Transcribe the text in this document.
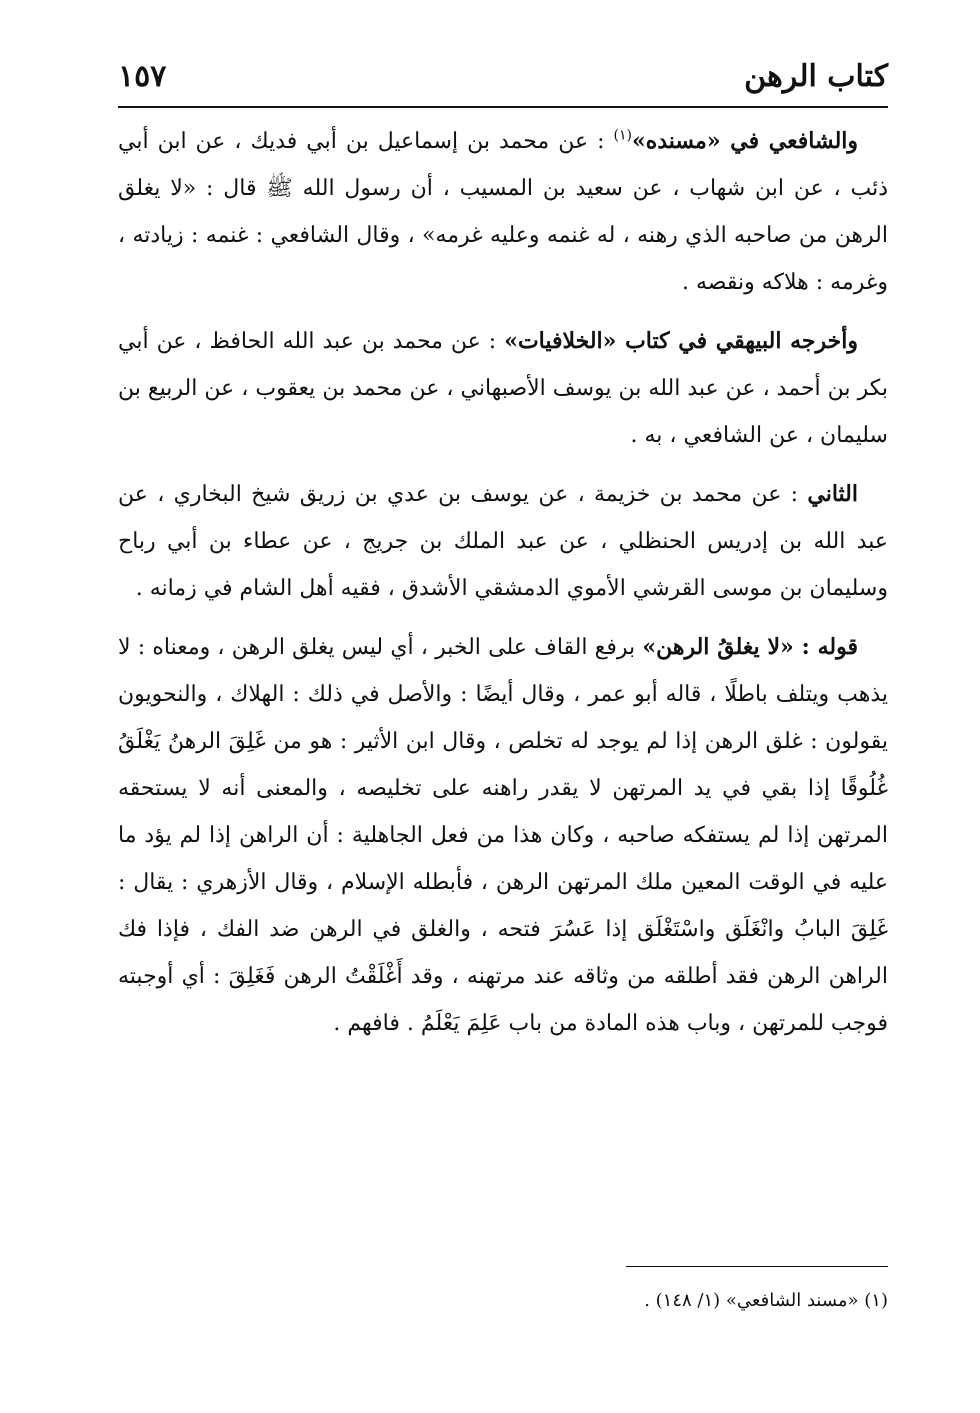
كتاب الرهن
١٥٧

والشافعي في «مسنده»$^{(١)}$ : عن محمد بن إسماعيل بن أبي فديك ، عن ابن أبي ذئب ، عن ابن شهاب ، عن سعيد بن المسيب ، أن رسول الله ﷺ قال : «لا يغلق الرهن من صاحبه الذي رهنه ، له غنمه وعليه غرمه» ، وقال الشافعي : غنمه : زيادته ، وغرمه : هلاكه ونقصه .

وأخرجه البيهقي في كتاب «الخلافيات» : عن محمد بن عبد الله الحافظ ، عن أبي بكر بن أحمد ، عن عبد الله بن يوسف الأصبهاني ، عن محمد بن يعقوب ، عن الربيع بن سليمان ، عن الشافعي ، به .

الثاني : عن محمد بن خزيمة ، عن يوسف بن عدي بن زريق شيخ البخاري ، عن عبد الله بن إدريس الحنظلي ، عن عبد الملك بن جريج ، عن عطاء بن أبي رباح وسليمان بن موسى القرشي الأموي الدمشقي الأشدق ، فقيه أهل الشام في زمانه .

قوله : «لا يغلقُ الرهن» برفع القاف على الخبر ، أي ليس يغلق الرهن ، ومعناه : لا يذهب ويتلف باطلًا ، قاله أبو عمر ، وقال أيضًا : والأصل في ذلك : الهلاك ، والنحويون يقولون : غلق الرهن إذا لم يوجد له تخلص ، وقال ابن الأثير : هو من غَلِقَ الرهنُ يَغْلَقُ غُلُوقًا إذا بقي في يد المرتهن لا يقدر راهنه على تخليصه ، والمعنى أنه لا يستحقه المرتهن إذا لم يستفكه صاحبه ، وكان هذا من فعل الجاهلية : أن الراهن إذا لم يؤد ما عليه في الوقت المعين ملك المرتهن الرهن ، فأبطله الإسلام ، وقال الأزهري : يقال : غَلِقَ البابُ وانْغَلَق واسْتَغْلَق إذا عَسُرَ فتحه ، والغلق في الرهن ضد الفك ، فإذا فك الراهن الرهن فقد أطلقه من وثاقه عند مرتهنه ، وقد أَغْلَقْتُ الرهن فَغَلِقَ : أي أوجبته فوجب للمرتهن ، وباب هذه المادة من باب عَلِمَ يَعْلَمُ . فافهم .

(١) «مسند الشافعي» (١/ ١٤٨) .
